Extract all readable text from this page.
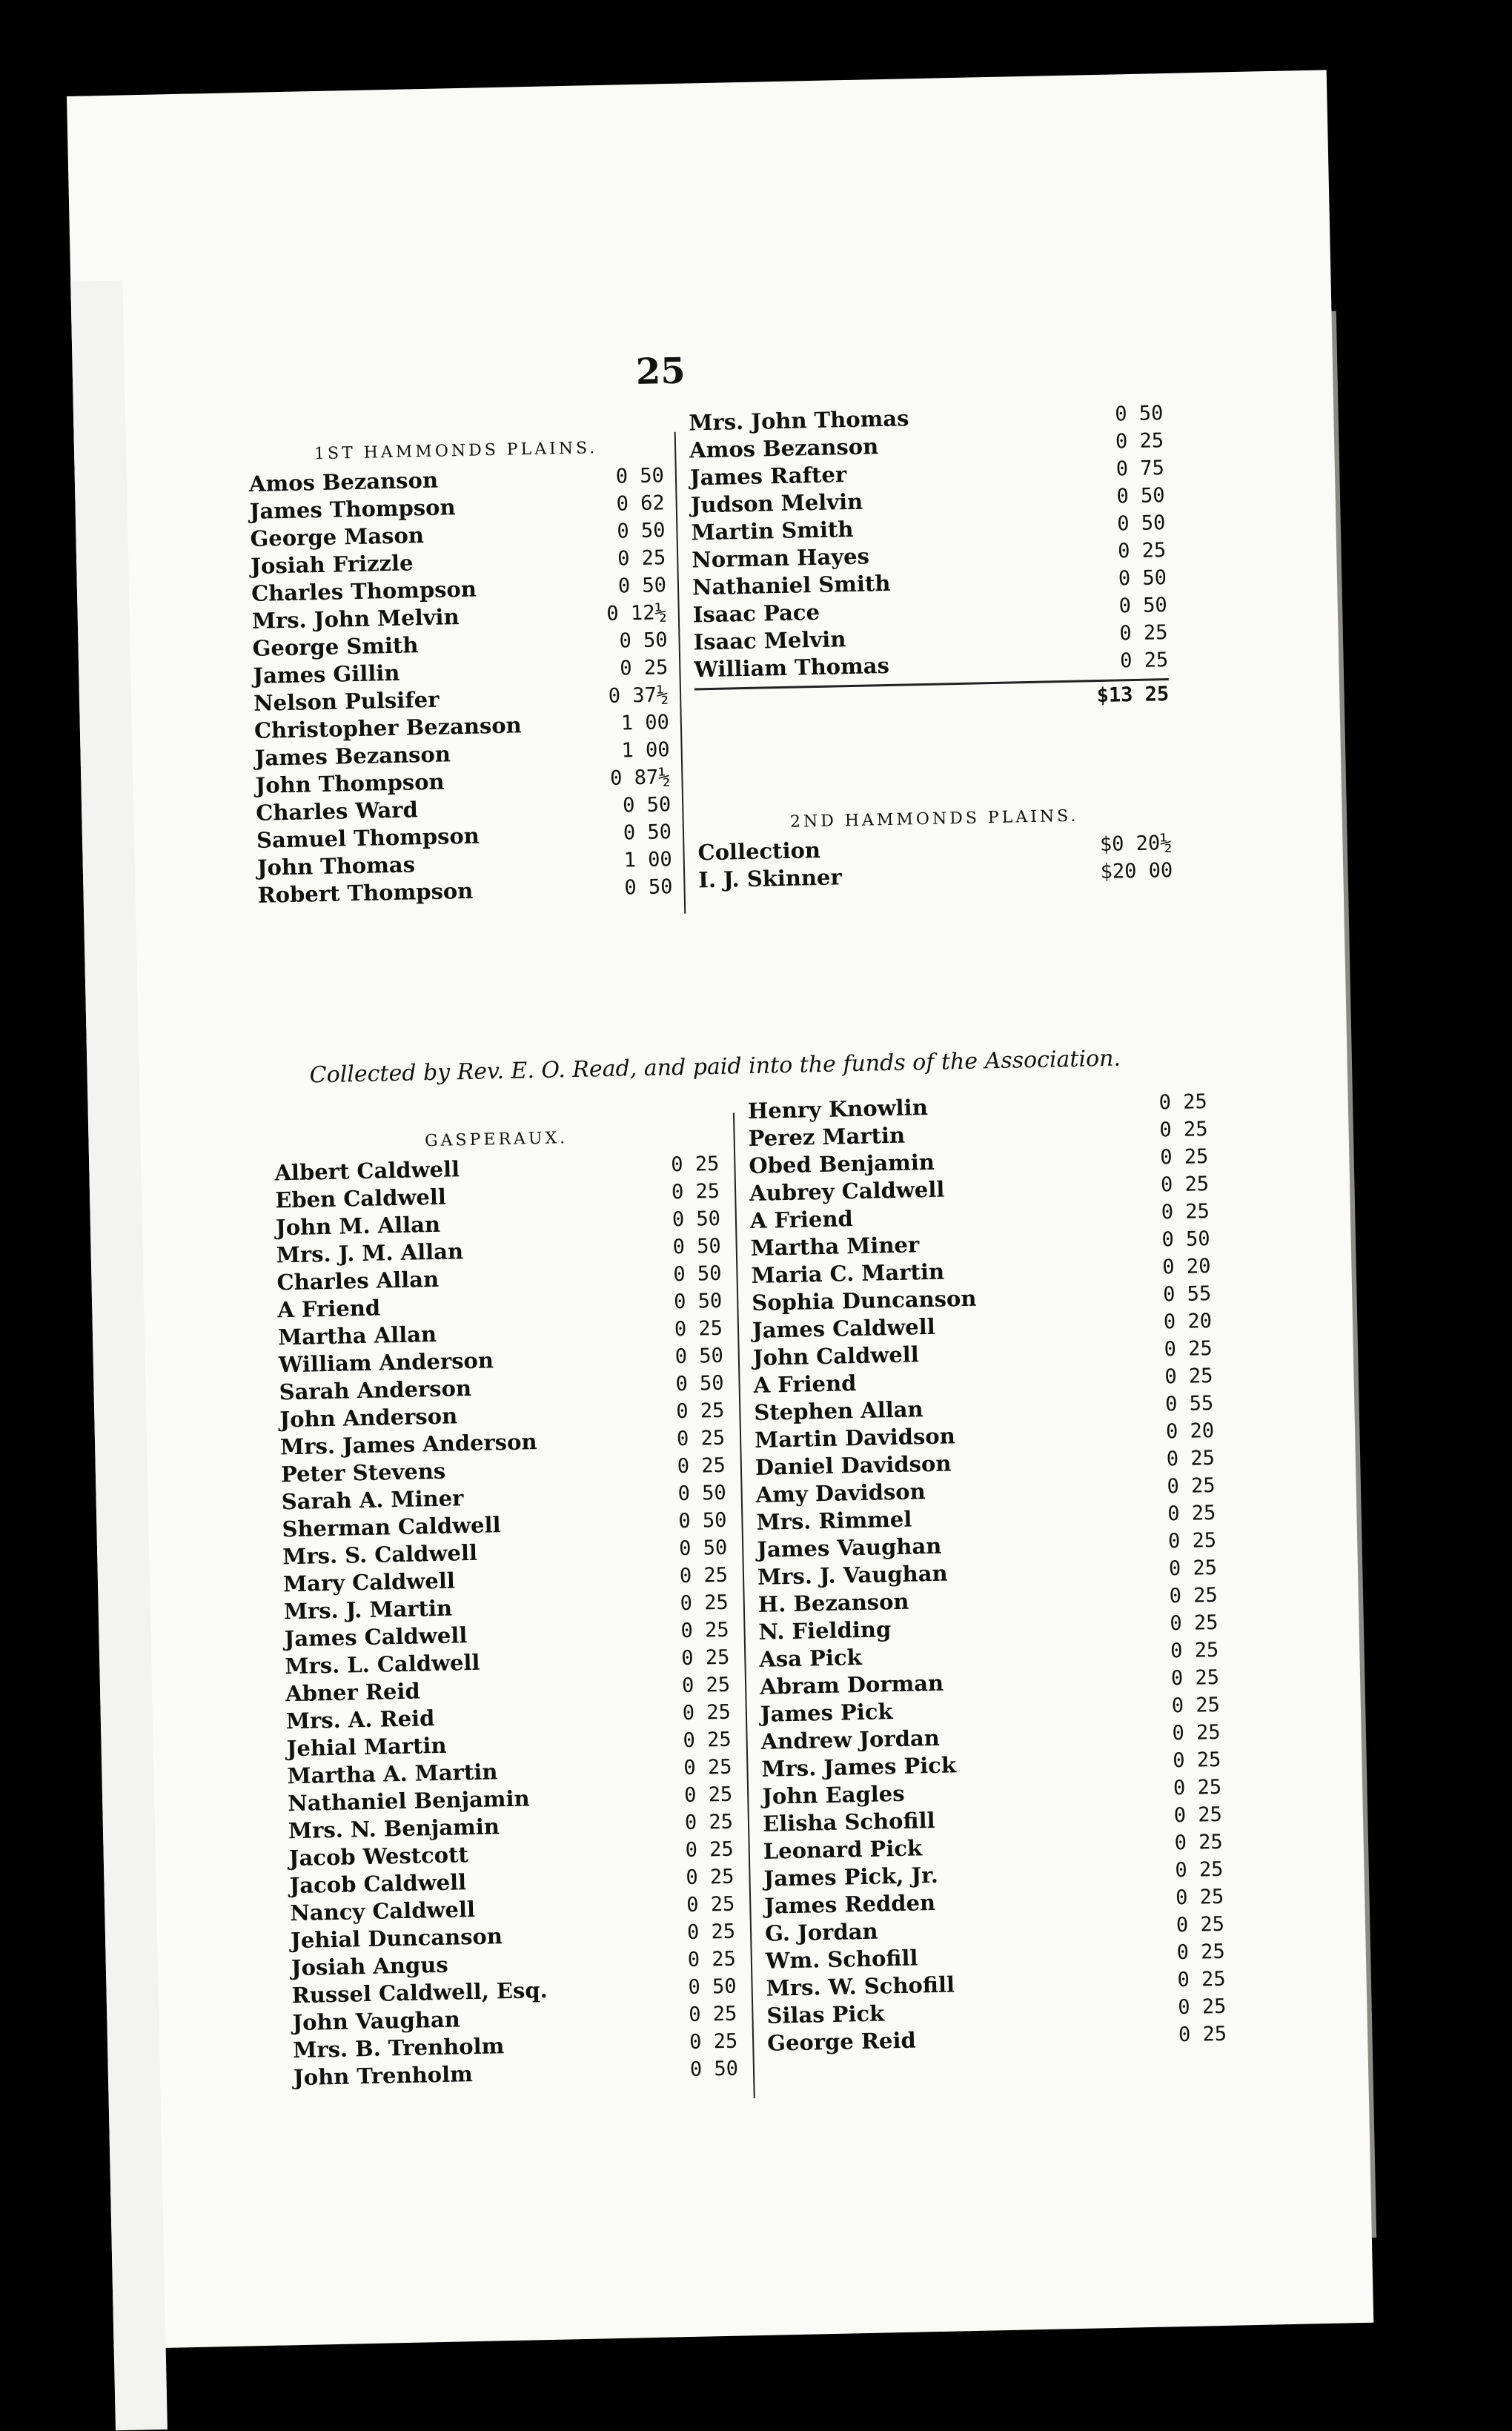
25
1ST HAMMONDS PLAINS.
Amos Bezanson	0 50
James Thompson	0 62
George Mason	0 50
Josiah Frizzle	0 25
Charles Thompson	0 50
Mrs. John Melvin	0 12½
George Smith	0 50
James Gillin	0 25
Nelson Pulsifer	0 37½
Christopher Bezanson	1 00
James Bezanson	1 00
John Thompson	0 87½
Charles Ward	0 50
Samuel Thompson	0 50
John Thomas	1 00
Robert Thompson	0 50
Mrs. John Thomas	0 50
Amos Bezanson	0 25
James Rafter	0 75
Judson Melvin	0 50
Martin Smith	0 50
Norman Hayes	0 25
Nathaniel Smith	0 50
Isaac Pace	0 50
Isaac Melvin	0 25
William Thomas	0 25
$13 25
2ND HAMMONDS PLAINS.
Collection	$0 20½
I. J. Skinner	$20 00
Collected by Rev. E. O. Read, and paid into the funds of the Association.
GASPERAUX.
Albert Caldwell	0 25
Eben Caldwell	0 25
John M. Allan	0 50
Mrs. J. M. Allan	0 50
Charles Allan	0 50
A Friend	0 50
Martha Allan	0 25
William Anderson	0 50
Sarah Anderson	0 50
John Anderson	0 25
Mrs. James Anderson	0 25
Peter Stevens	0 25
Sarah A. Miner	0 50
Sherman Caldwell	0 50
Mrs. S. Caldwell	0 50
Mary Caldwell	0 25
Mrs. J. Martin	0 25
James Caldwell	0 25
Mrs. L. Caldwell	0 25
Abner Reid	0 25
Mrs. A. Reid	0 25
Jehial Martin	0 25
Martha A. Martin	0 25
Nathaniel Benjamin	0 25
Mrs. N. Benjamin	0 25
Jacob Westcott	0 25
Jacob Caldwell	0 25
Nancy Caldwell	0 25
Jehial Duncanson	0 25
Josiah Angus	0 25
Russel Caldwell, Esq.	0 50
John Vaughan	0 25
Mrs. B. Trenholm	0 25
John Trenholm	0 50
Henry Knowlin	0 25
Perez Martin	0 25
Obed Benjamin	0 25
Aubrey Caldwell	0 25
A Friend	0 25
Martha Miner	0 50
Maria C. Martin	0 20
Sophia Duncanson	0 55
James Caldwell	0 20
John Caldwell	0 25
A Friend	0 25
Stephen Allan	0 55
Martin Davidson	0 20
Daniel Davidson	0 25
Amy Davidson	0 25
Mrs. Rimmel	0 25
James Vaughan	0 25
Mrs. J. Vaughan	0 25
H. Bezanson	0 25
N. Fielding	0 25
Asa Pick	0 25
Abram Dorman	0 25
James Pick	0 25
Andrew Jordan	0 25
Mrs. James Pick	0 25
John Eagles	0 25
Elisha Schofill	0 25
Leonard Pick	0 25
James Pick, Jr.	0 25
James Redden	0 25
G. Jordan	0 25
Wm. Schofill	0 25
Mrs. W. Schofill	0 25
Silas Pick	0 25
George Reid	0 25
